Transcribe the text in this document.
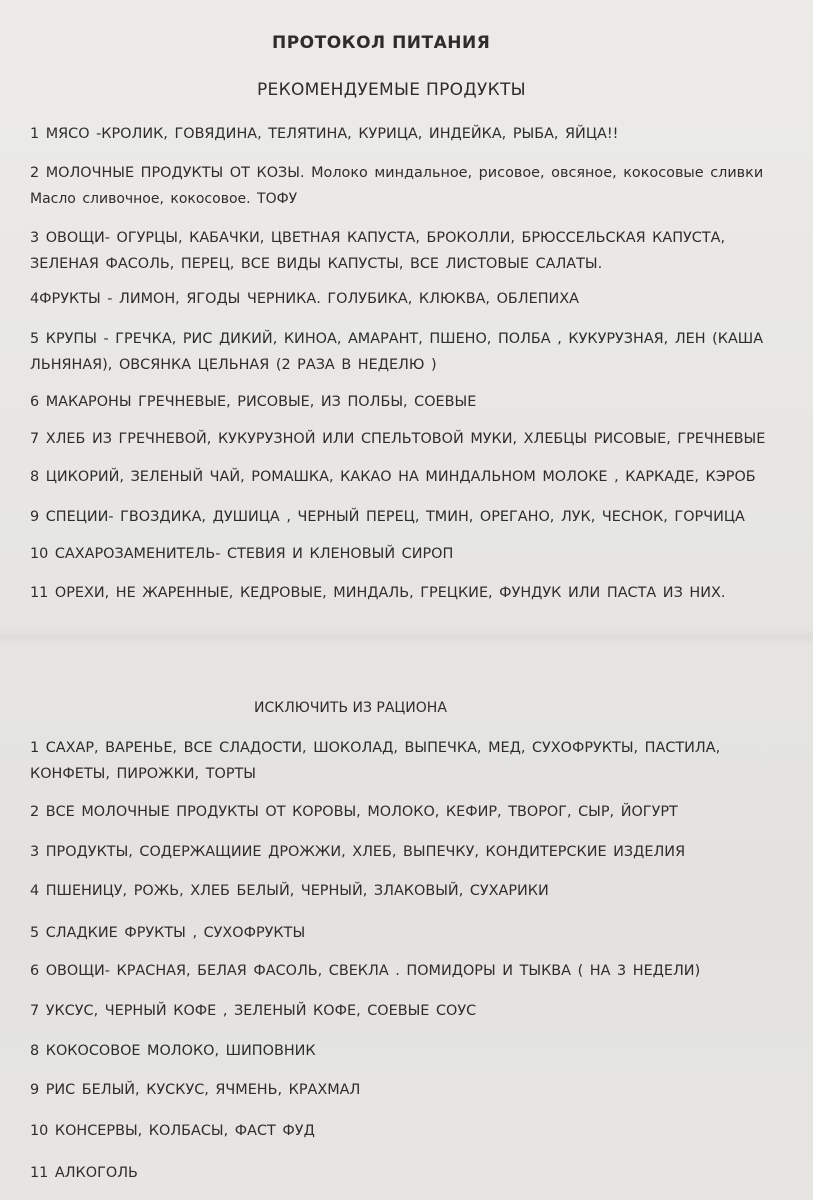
ПРОТОКОЛ ПИТАНИЯ
РЕКОМЕНДУЕМЫЕ ПРОДУКТЫ
1 МЯСО -КРОЛИК, ГОВЯДИНА, ТЕЛЯТИНА, КУРИЦА, ИНДЕЙКА, РЫБА, ЯЙЦА!!
2 МОЛОЧНЫЕ ПРОДУКТЫ ОТ КОЗЫ. Молоко миндальное, рисовое, овсяное, кокосовые сливки
Масло сливочное, кокосовое. ТОФУ
3 ОВОЩИ- ОГУРЦЫ, КАБАЧКИ, ЦВЕТНАЯ КАПУСТА, БРОКОЛЛИ, БРЮССЕЛЬСКАЯ КАПУСТА,
ЗЕЛЕНАЯ ФАСОЛЬ, ПЕРЕЦ, ВСЕ ВИДЫ КАПУСТЫ, ВСЕ ЛИСТОВЫЕ САЛАТЫ.
4ФРУКТЫ - ЛИМОН, ЯГОДЫ ЧЕРНИКА. ГОЛУБИКА, КЛЮКВА, ОБЛЕПИХА
5 КРУПЫ - ГРЕЧКА, РИС ДИКИЙ, КИНОА, АМАРАНТ, ПШЕНО, ПОЛБА , КУКУРУЗНАЯ, ЛЕН (КАША
ЛЬНЯНАЯ), ОВСЯНКА ЦЕЛЬНАЯ (2 РАЗА В НЕДЕЛЮ )
6 МАКАРОНЫ ГРЕЧНЕВЫЕ, РИСОВЫЕ, ИЗ ПОЛБЫ, СОЕВЫЕ
7 ХЛЕБ ИЗ ГРЕЧНЕВОЙ, КУКУРУЗНОЙ ИЛИ СПЕЛЬТОВОЙ МУКИ, ХЛЕБЦЫ РИСОВЫЕ, ГРЕЧНЕВЫЕ
8 ЦИКОРИЙ, ЗЕЛЕНЫЙ ЧАЙ, РОМАШКА, КАКАО НА МИНДАЛЬНОМ МОЛОКЕ , КАРКАДЕ, КЭРОБ
9 СПЕЦИИ- ГВОЗДИКА, ДУШИЦА , ЧЕРНЫЙ ПЕРЕЦ, ТМИН, ОРЕГАНО, ЛУК, ЧЕСНОК, ГОРЧИЦА
10 САХАРОЗАМЕНИТЕЛЬ- СТЕВИЯ И КЛЕНОВЫЙ СИРОП
11 ОРЕХИ, НЕ ЖАРЕННЫЕ, КЕДРОВЫЕ, МИНДАЛЬ, ГРЕЦКИЕ, ФУНДУК ИЛИ ПАСТА ИЗ НИХ.
ИСКЛЮЧИТЬ ИЗ РАЦИОНА
1 САХАР, ВАРЕНЬЕ, ВСЕ СЛАДОСТИ, ШОКОЛАД, ВЫПЕЧКА, МЕД, СУХОФРУКТЫ, ПАСТИЛА,
КОНФЕТЫ, ПИРОЖКИ, ТОРТЫ
2 ВСЕ МОЛОЧНЫЕ ПРОДУКТЫ ОТ КОРОВЫ, МОЛОКО, КЕФИР, ТВОРОГ, СЫР, ЙОГУРТ
3 ПРОДУКТЫ, СОДЕРЖАЩИИЕ ДРОЖЖИ, ХЛЕБ, ВЫПЕЧКУ, КОНДИТЕРСКИЕ ИЗДЕЛИЯ
4 ПШЕНИЦУ, РОЖЬ, ХЛЕБ БЕЛЫЙ, ЧЕРНЫЙ, ЗЛАКОВЫЙ, СУХАРИКИ
5 СЛАДКИЕ ФРУКТЫ , СУХОФРУКТЫ
6 ОВОЩИ- КРАСНАЯ, БЕЛАЯ ФАСОЛЬ, СВЕКЛА . ПОМИДОРЫ И ТЫКВА ( НА 3 НЕДЕЛИ)
7 УКСУС, ЧЕРНЫЙ КОФЕ , ЗЕЛЕНЫЙ КОФЕ, СОЕВЫЕ СОУС
8 КОКОСОВОЕ МОЛОКО, ШИПОВНИК
9 РИС БЕЛЫЙ, КУСКУС, ЯЧМЕНЬ, КРАХМАЛ
10 КОНСЕРВЫ, КОЛБАСЫ, ФАСТ ФУД
11 АЛКОГОЛЬ
